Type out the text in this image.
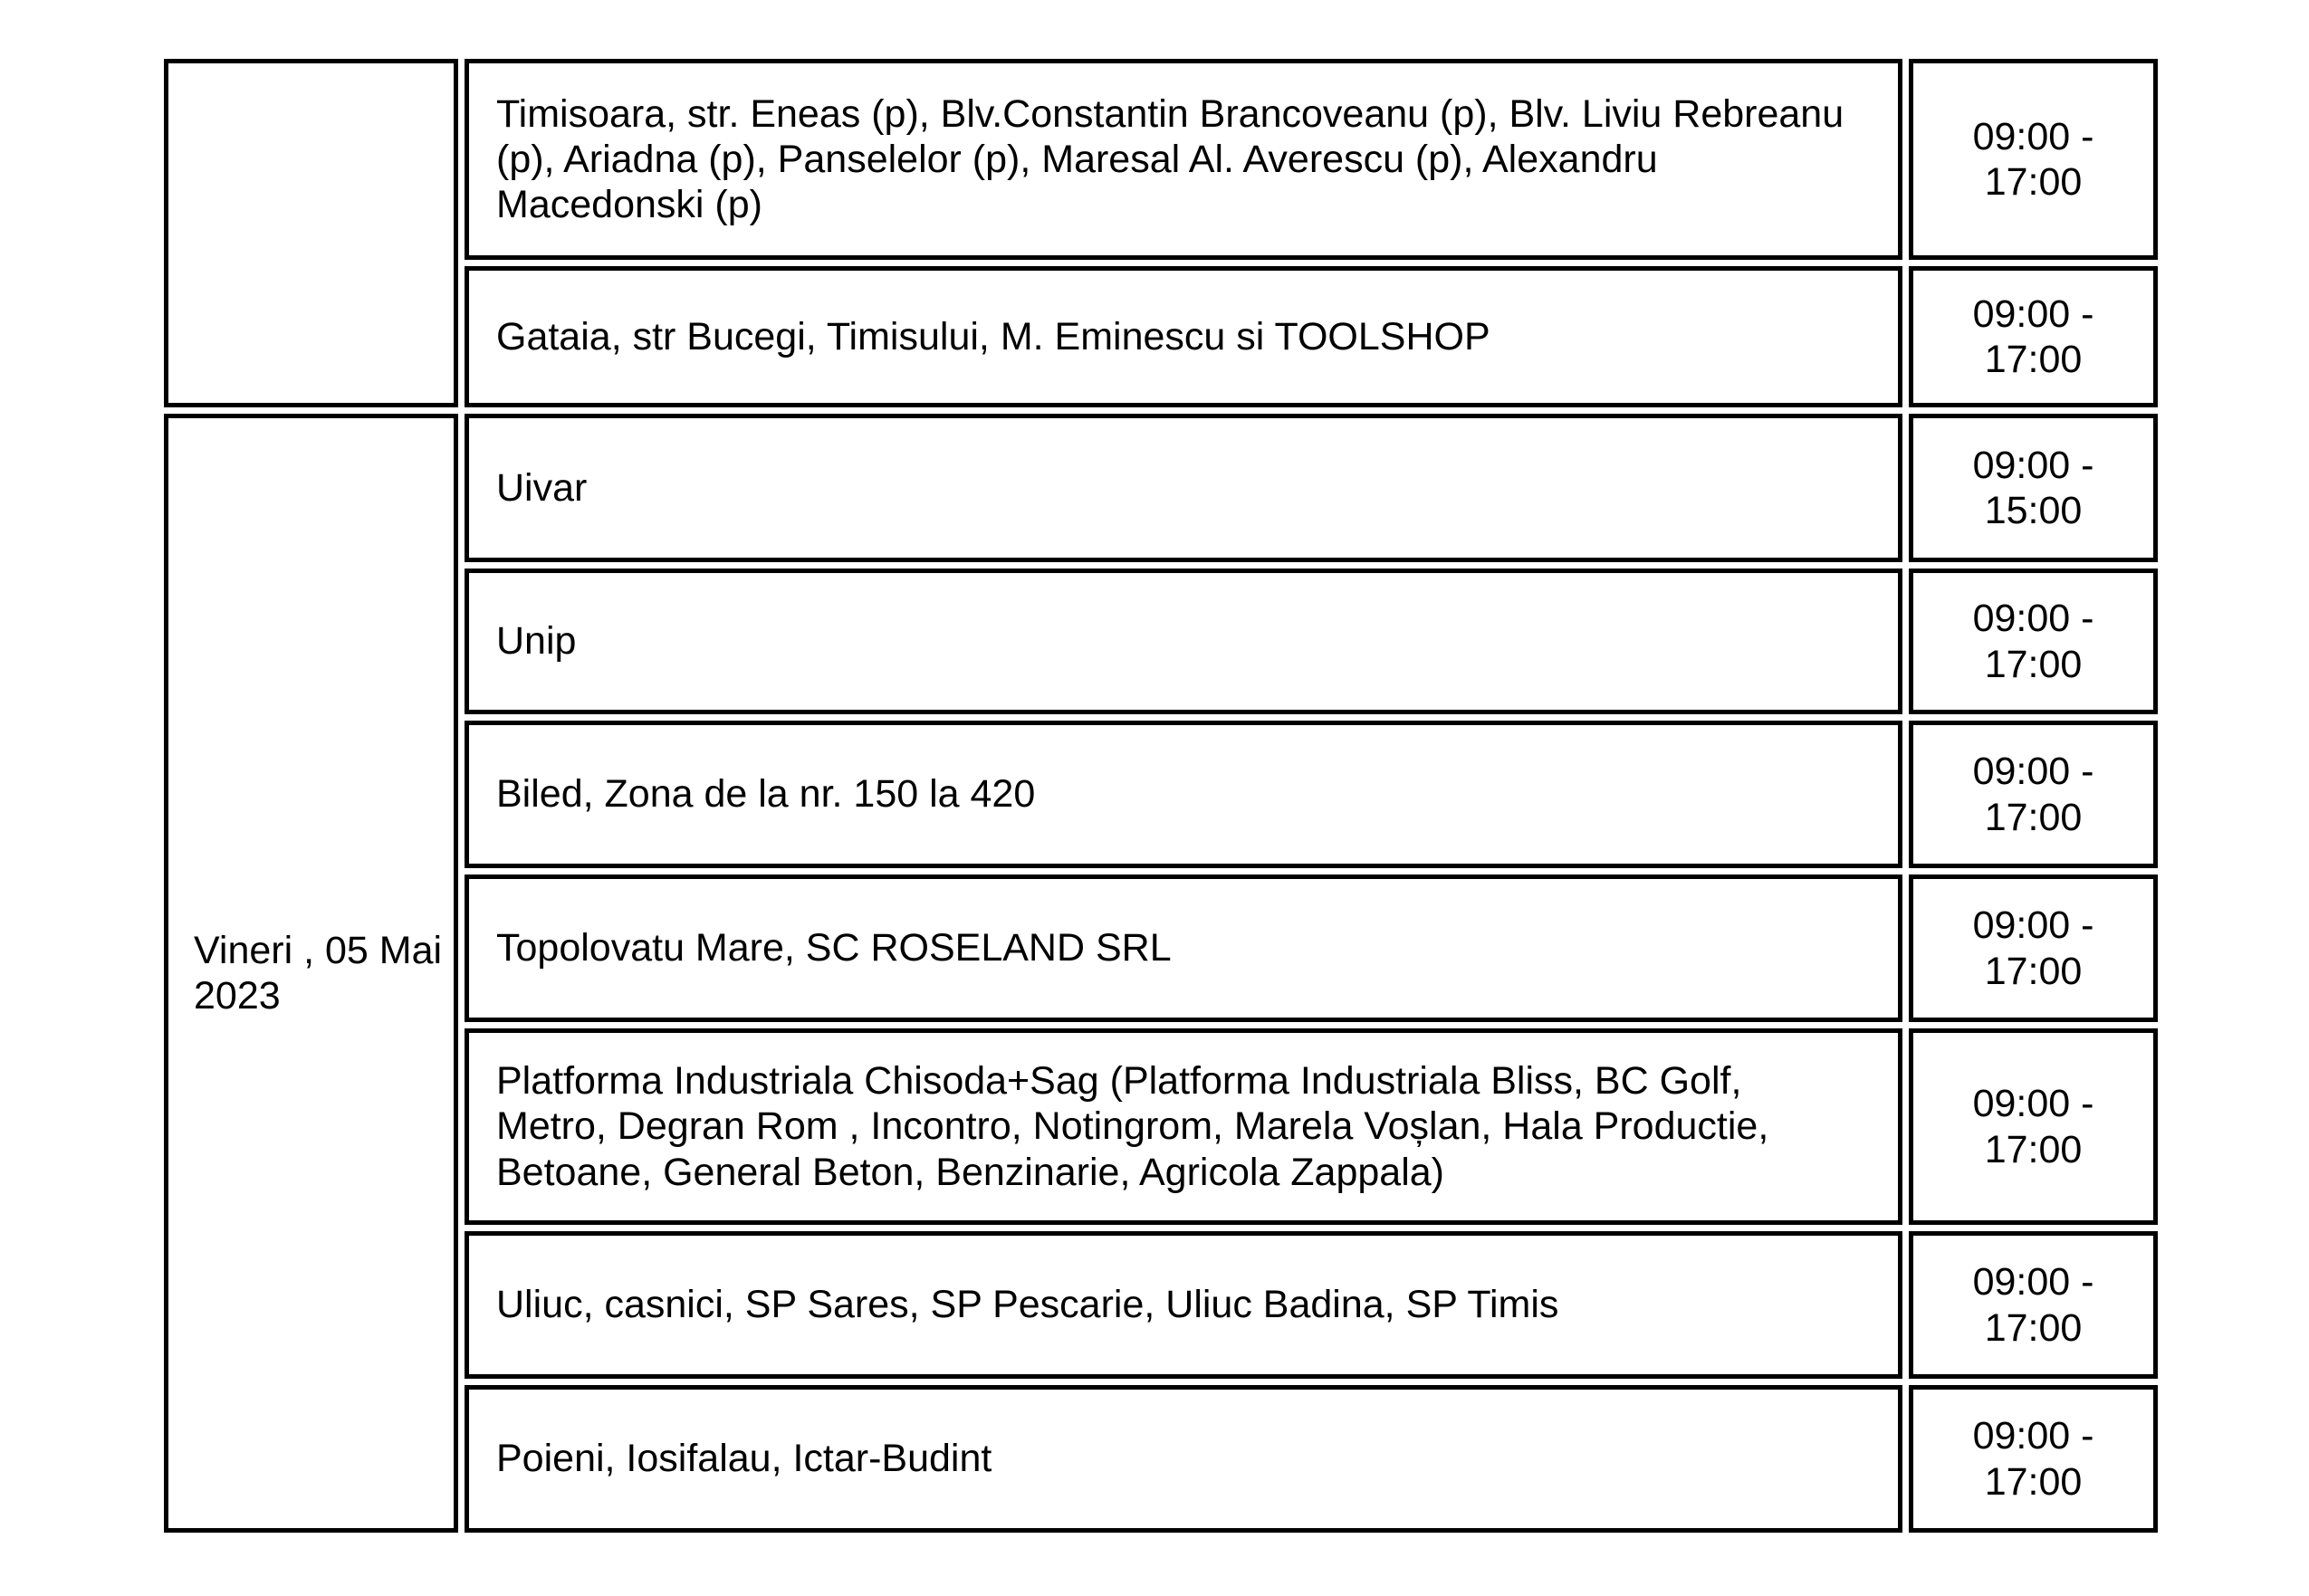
	Timisoara, str. Eneas (p), Blv.Constantin Brancoveanu (p), Blv. Liviu Rebreanu (p), Ariadna (p), Panselelor (p), Maresal Al. Averescu (p), Alexandru Macedonski (p)	09:00 - 17:00
	Gataia, str Bucegi, Timisului, M. Eminescu si TOOLSHOP	09:00 - 17:00
Vineri , 05 Mai 2023	Uivar	09:00 - 15:00
	Unip	09:00 - 17:00
	Biled, Zona de la nr. 150 la 420	09:00 - 17:00
	Topolovatu Mare, SC ROSELAND SRL	09:00 - 17:00
	Platforma Industriala Chisoda+Sag (Platforma Industriala Bliss, BC Golf, Metro, Degran Rom , Incontro, Notingrom, Marela Voșlan, Hala Productie, Betoane, General Beton, Benzinarie, Agricola Zappala)	09:00 - 17:00
	Uliuc, casnici, SP Sares, SP Pescarie, Uliuc Badina, SP Timis	09:00 - 17:00
	Poieni, Iosifalau, Ictar-Budint	09:00 - 17:00
